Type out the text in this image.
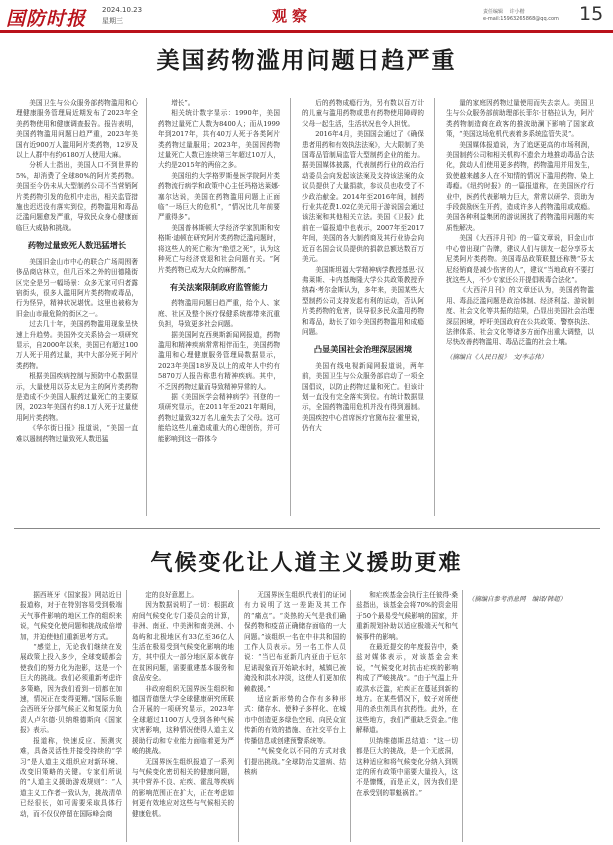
国防时报 2024.10.23
星期三	观察	责任编辑 　许小楷
e-mail:15963265868@qq.com 15
美国药物滥用问题日趋严重

美国卫生与公众服务部药物滥用和心理健康服务管理局近期发布了2023年全美药物使用和健康调查报告。报告表明，美国药物滥用问题日趋严重，2023年美国有近900万人滥用阿片类药物，12岁及以上人群中有约6180万人使用大麻。

分析人士指出，美国人口不到世界的5%，却消费了全球80%的阿片类药物。美国至今仍未从大型制药公司不当营销阿片类药物引发的危机中走出，相关监管措施也迟迟没有落实到位，药物滥用和毒品泛滥问题愈发严重，导致民众身心健康面临巨大威胁和挑战。

药物过量致死人数迅猛增长

美国旧金山市中心的联合广场周围奢侈品商店林立，但几百米之外的田德隆街区完全是另一幅场景：众多无家可归者露宿街头，很多人滥用阿片类药物或毒品，行为怪异，精神状况堪忧。这里也被称为旧金山市最危险的街区之一。

过去几十年，美国药物滥用现象呈快速上升趋势。美国外交关系协会一项研究显示，自2000年以来，美国已有超过100万人死于用药过量，其中大部分死于阿片类药物。

根据美国疾病控制与预防中心数据显示，大量使用以芬太尼为主的阿片类药物是造成不少美国人服药过量死亡的主要原因，2023年美国有约8.1万人死于过量使用阿片类药物。

《华尔街日报》报道说，“美国一直难以遏制药物过量致死人数迅猛

增长”。

相关统计数字显示：1990年，美国药物过量死亡人数为8400人；而从1999年到2017年，共有40万人死于各类阿片类药物过量服用；2023年，美国因药物过量死亡人数已连续第三年超过10万人，大约是2015年的两倍之多。

美国纽约大学格罗斯曼医学院阿片类药物流行病学和政策中心主任玛格达莱娜·塞尔达说，美国在药物滥用问题上正面临“一场巨大的危机”，“情况比几年前要严重得多”。

美国普林斯顿大学经济学家凯斯和安格斯·迪顿在研究阿片类药物泛滥问题时，将这些人的死亡称为“绝望之死”，认为这种死亡与经济衰退和社会问题有关。“阿片类药物已成为大众的麻醉剂。”

有关法案限制政府监管能力

药物滥用问题日趋严重，给个人、家庭、社区及整个医疗保健系统都带来沉重负担，导致更多社会问题。

据美国阿克西奥斯新闻网报道，药物滥用和精神疾病常常相伴而生，美国药物滥用和心理健康服务管理局数据显示，2023年美国18岁及以上的成年人中约有5870万人报告称患有精神疾病。其中，不乏因药物过量而导致精神异常的人。

据《美国医学会精神病学》刊登的一项研究显示，在2011年至2021年期间，药物过量致32万名儿童失去了父母。这可能给这些儿童造成重大的心理创伤，并可能影响到这一群体今

后的药物成瘾行为，另有数以百万计的儿童与滥用药物或患有药物使用障碍的父母一起生活，生活状况也令人担忧。

2016年4月，美国国会通过了《确保患者用药和有效执法法案》，大大限制了美国毒品管制局监管大型制药企业的能力。据美国媒体披露，代表制药行业的政治行动委员会向发起该法案及支持该法案的众议员提供了大量捐款，参议员也收受了不少政治献金。2014年至2016年间，制药行业共花费1.02亿美元用于游说国会通过该法案和其他相关立法。美国《卫报》此前在一篇报道中也表示，2007年至2017年间，美国的各大制药商及其行业协会向近百名国会议员提供的捐款总额达数百万美元。

美国斯坦福大学精神病学教授基思·汉弗莱斯、卡内基梅隆大学公共政策教授乔纳森·考尔金斯认为，多年来，美国某些大型制药公司支持发起有利的运动，否认阿片类药物的危害，误导很多民众滥用药物和毒品，助长了如今美国药物滥用和成瘾问题。

凸显美国社会治理深层困境

美国有线电视新闻网报道说，两年前，美国卫生与公众服务部启动了一项全国倡议，以防止药物过量和死亡。但该计划一直没有完全落实到位。有统计数据显示，全国药物滥用危机并没有得到遏制。美国疾控中心首席医疗官黛布拉·霍里说，仍有大

量的家庭因药物过量使用而失去亲人。美国卫生与公众服务部前助理部长菲尔·甘格拉认为，阿片类药物制造商在政客的推波助澜下影响了国家政策，“美国这场危机代表着多系统监管失灵”。

美国媒体报道说，为了追逐更高的市场利润，美国制药公司和相关机构不遗余力地推动毒品合法化，鼓动人们使用更多药物，药物滥用并用发生，致使越来越多人在不知情的情况下滥用药物、染上毒瘾。《纽约时报》的一篇报道称，在美国医疗行业中，医药代表影响力巨大，常常以研学、资助为手段鼓励医生开药，造成许多人药物滥用或成瘾。美国各种利益集团的游说困扰了药物滥用问题的实质性解决。

美国《大西洋月刊》的一篇文章说，旧金山市中心曾出现广告牌，建议人们与朋友一起分享芬太尼类阿片类药物。美国毒品政策联盟还称赞“芬太尼经销商是减少伤害的人”，建议“当地政府不要打扰这些人，不少专家还公开提倡吸毒合法化”。

《大西洋月刊》的文章还认为，美国药物滥用、毒品泛滥问题是政治体制、经济利益、游说制度、社会文化等共振的结果，凸显出美国社会治理深层困境，呼吁美国政府在公共政策、警察执法、法律体系、社会文化等诸多方面作出重大调整，以尽快改善药物滥用、毒品泛滥的社会土壤。

（摘编自《人民日报》　文/李志伟）

气候变化让人道主义援助更难

据西班牙《国家报》网站近日报道称，对于在特别容易受到极端天气事件影响的地区工作的组织来说，气候变化使问题和挑战成倍增加，并迫使他们重新思考方式。

“感觉上，无论我们继续在发展政策上投入多少，全球变暖都会使我们的努力化为泡影，这是一个巨大的挑战。我们必须重新考虑许多策略，因为我们看到一切都在加速，情况正在变得更糟。”国际乐施会西班牙分部气候正义和复原力负责人卢尔德·贝纳维德斯向《国家报》表示。

报道称，快速反应、预测灾难，具备灵活性并接受持续的“学习”是人道主义组织应对新环境、改变旧策略的关键。专家们所说的“人道主义援助游戏规则”：“人道主义工作者一致认为，挑战清单已经很长，如可需要采取具体行动，而不仅仅停留在国际峰会商

定的良好意愿上。

因为数据说明了一切：根据政府间气候变化专门委员会的计算，非洲、南亚、中美洲和南美洲、小岛屿和北极地区有33亿至36亿人生活在极易受到气候变化影响的地方，其中很大一部分地区原本就存在贫困问题，需要重建基本服务和食品安全。

非政府组织无国界医生组织和德国青德堡大学全球健康研究所联合开展的一项研究显示，2023年全球超过1100万人受到各种气候灾害影响，这种情况使得人道主义援助行动和专业能力面临着更为严峻的挑战。

无国界医生组织报道了一系列与气候变化密切相关的健康问题，其中营养不良、疟疾、霍乱等疾病的影响范围正在扩大，正在考虑如何更有效地应对这些与气候相关的健康危机。

无国界医生组织代表们的证词有力说明了这一差距及其工作的“痛点”。“炎热的天气是我们确保药物和疫苗正确储存面临的一大问题。”该组织一名在中非共和国的工作人员表示。另一名工作人员说：“当巴布亚新几内亚由于厄尔尼诺现象而开始缺水时，城镇已被淹没和洪水冲淡，这使人们更加依赖救援。”

适应新形势的合作有多种形式：储存水、使种子多样化、在城市中创造更多绿色空间、向民众宣传新的有效的措施、在社交平台上传播信息或创建预警系统等。

“气候变化以不同的方式对我们提出挑战。”全球防治艾滋病、结核病

和疟疾基金会执行主任彼得·桑兹指出，该基金会将70%的资金用于50个最易受气候影响的国家，并重新规划补助以适应极端天气和气候事件的影响。

在最近提交的年度报告中，桑兹对媒体表示，对该基金会来说，“气候变化对抗击疟疾的影响构成了严峻挑战”。“由于气温上升或洪水泛滥，疟疾正在蔓延到新的地方。在某些情况下，蚊子对所使用的杀虫剂具有抗药性。此外，在这些地方，我们严重缺乏资金。”他解释道。

贝纳维德斯总结道：“这一切都是巨大的挑战，是一个无底洞，这种适应和将气候变化分纳入到规定的所有政策中需要大量投入，这不是慷慨，而是正义，因为我们是在承受别的罪魁祸首。”

（摘编自参考消息网　编译/韩超）
